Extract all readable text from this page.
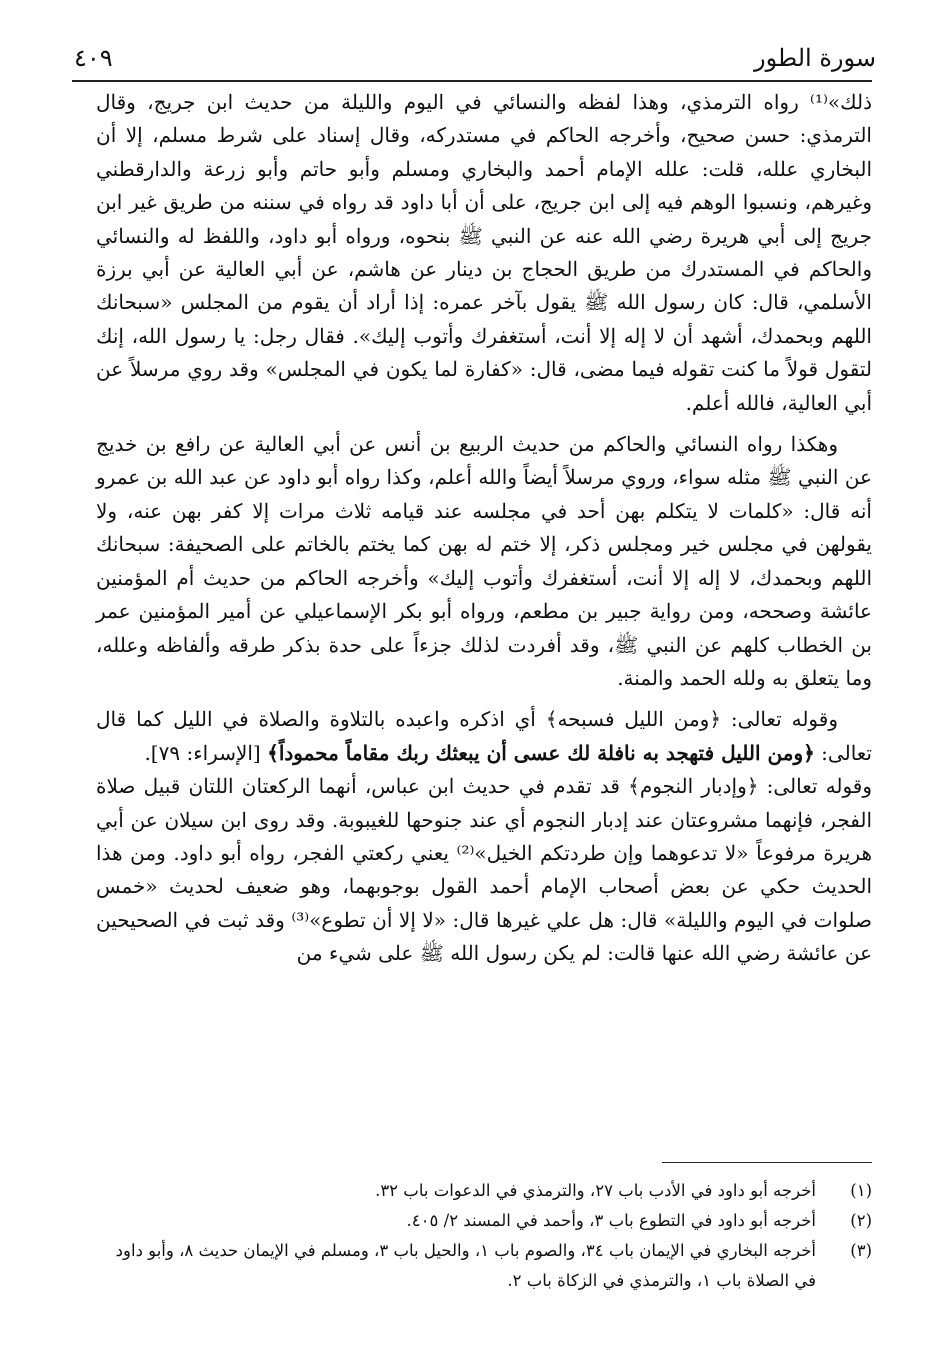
سورة الطور
٤٠٩

ذلك»⁽¹⁾ رواه الترمذي، وهذا لفظه والنسائي في اليوم والليلة من حديث ابن جريج، وقال الترمذي: حسن صحيح، وأخرجه الحاكم في مستدركه، وقال إسناد على شرط مسلم، إلا أن البخاري علله، قلت: علله الإمام أحمد والبخاري ومسلم وأبو حاتم وأبو زرعة والدارقطني وغيرهم، ونسبوا الوهم فيه إلى ابن جريج، على أن أبا داود قد رواه في سننه من طريق غير ابن جريج إلى أبي هريرة رضي الله عنه عن النبي ﷺ بنحوه، ورواه أبو داود، واللفظ له والنسائي والحاكم في المستدرك من طريق الحجاج بن دينار عن هاشم، عن أبي العالية عن أبي برزة الأسلمي، قال: كان رسول الله ﷺ يقول بآخر عمره: إذا أراد أن يقوم من المجلس «سبحانك اللهم وبحمدك، أشهد أن لا إله إلا أنت، أستغفرك وأتوب إليك». فقال رجل: يا رسول الله، إنك لتقول قولاً ما كنت تقوله فيما مضى، قال: «كفارة لما يكون في المجلس» وقد روي مرسلاً عن أبي العالية، فالله أعلم.

وهكذا رواه النسائي والحاكم من حديث الربيع بن أنس عن أبي العالية عن رافع بن خديج عن النبي ﷺ مثله سواء، وروي مرسلاً أيضاً والله أعلم، وكذا رواه أبو داود عن عبد الله بن عمرو أنه قال: «كلمات لا يتكلم بهن أحد في مجلسه عند قيامه ثلاث مرات إلا كفر بهن عنه، ولا يقولهن في مجلس خير ومجلس ذكر، إلا ختم له بهن كما يختم بالخاتم على الصحيفة: سبحانك اللهم وبحمدك، لا إله إلا أنت، أستغفرك وأتوب إليك» وأخرجه الحاكم من حديث أم المؤمنين عائشة وصححه، ومن رواية جبير بن مطعم، ورواه أبو بكر الإسماعيلي عن أمير المؤمنين عمر بن الخطاب كلهم عن النبي ﷺ، وقد أفردت لذلك جزءاً على حدة بذكر طرقه وألفاظه وعلله، وما يتعلق به ولله الحمد والمنة.

وقوله تعالى: ﴿ومن الليل فسبحه﴾ أي اذكره واعبده بالتلاوة والصلاة في الليل كما قال تعالى: ﴿ومن الليل فتهجد به نافلة لك عسى أن يبعثك ربك مقاماً محموداً﴾ [الإسراء: ٧٩].

وقوله تعالى: ﴿وإدبار النجوم﴾ قد تقدم في حديث ابن عباس، أنهما الركعتان اللتان قبيل صلاة الفجر، فإنهما مشروعتان عند إدبار النجوم أي عند جنوحها للغيبوبة. وقد روى ابن سيلان عن أبي هريرة مرفوعاً «لا تدعوهما وإن طردتكم الخيل»⁽²⁾ يعني ركعتي الفجر، رواه أبو داود. ومن هذا الحديث حكي عن بعض أصحاب الإمام أحمد القول بوجوبهما، وهو ضعيف لحديث «خمس صلوات في اليوم والليلة» قال: هل علي غيرها قال: «لا إلا أن تطوع»⁽³⁾ وقد ثبت في الصحيحين عن عائشة رضي الله عنها قالت: لم يكن رسول الله ﷺ على شيء من

(١)
أخرجه أبو داود في الأدب باب ٢٧، والترمذي في الدعوات باب ٣٢.
(٢)
أخرجه أبو داود في التطوع باب ٣، وأحمد في المسند ٢/ ٤٠٥.
(٣)
أخرجه البخاري في الإيمان باب ٣٤، والصوم باب ١، والحيل باب ٣، ومسلم في الإيمان حديث ٨، وأبو داود في الصلاة باب ١، والترمذي في الزكاة باب ٢.
